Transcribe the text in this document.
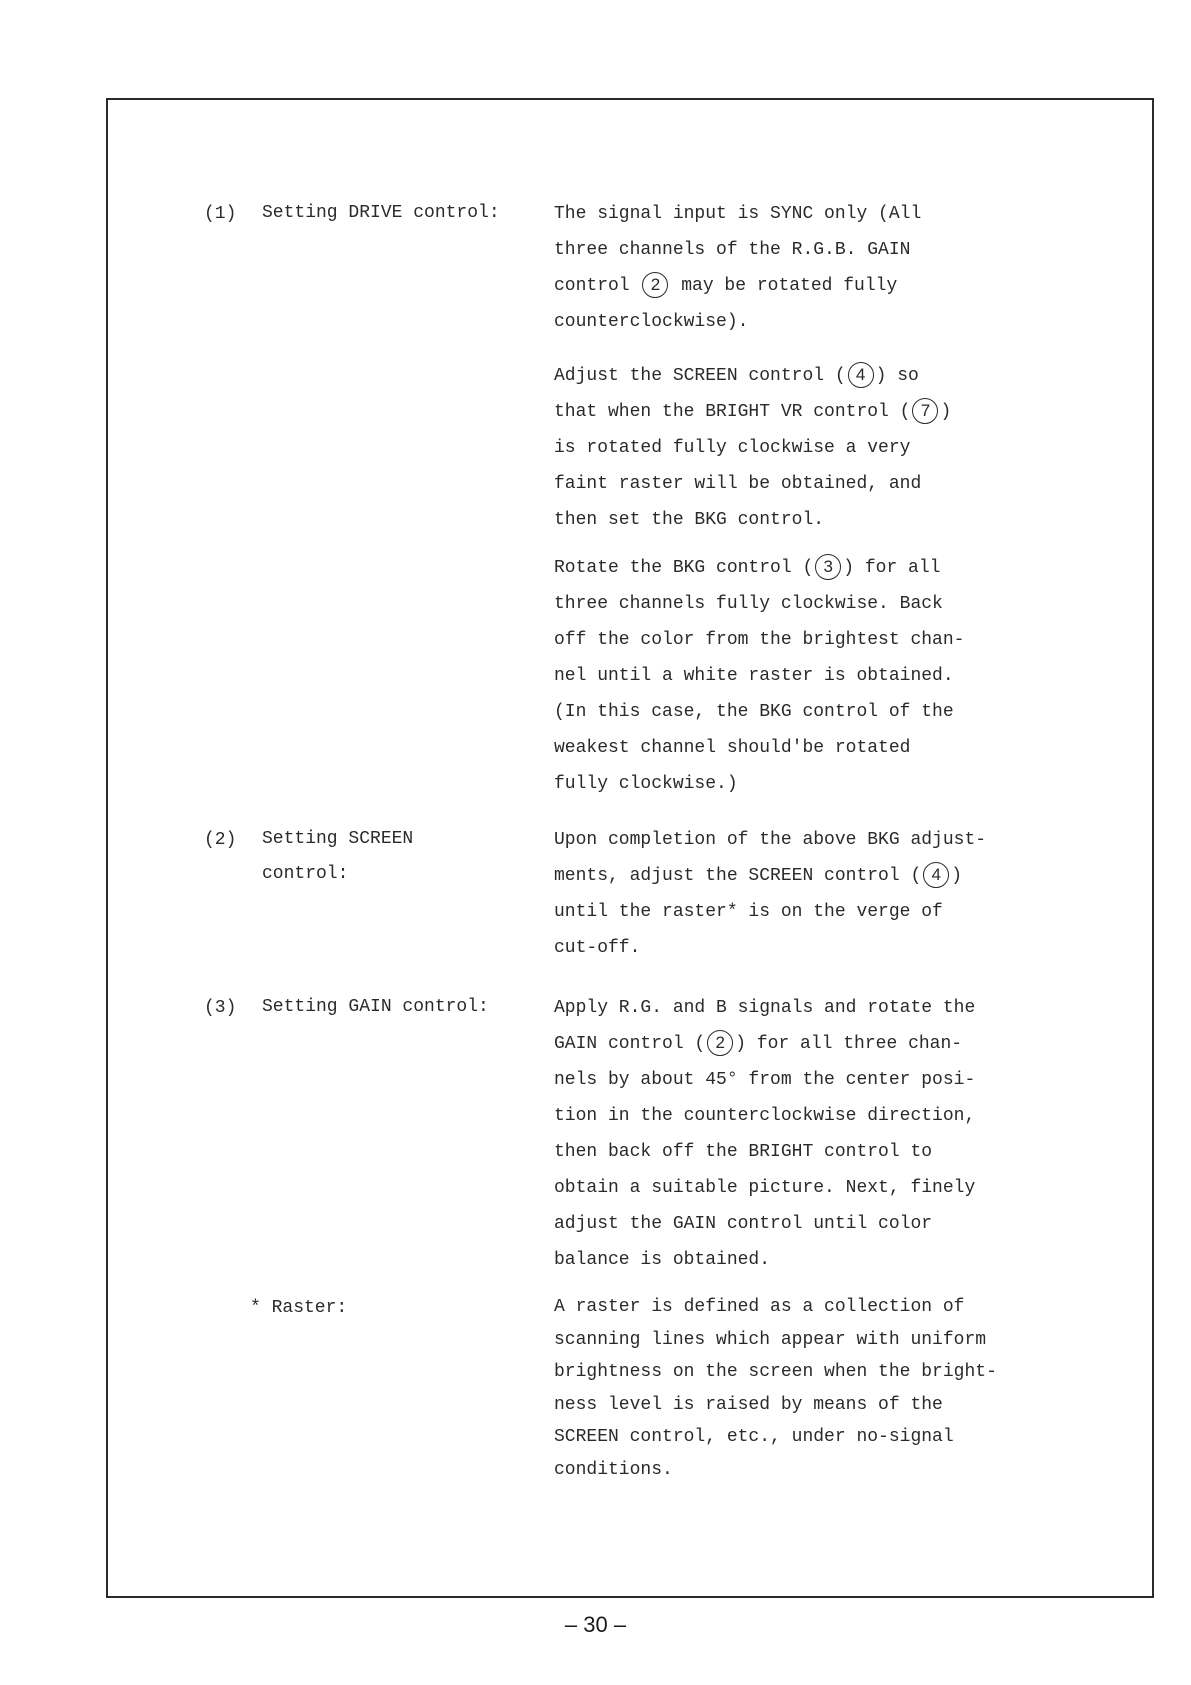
(1) Setting DRIVE control:	The signal input is SYNC only (All
three channels of the R.G.B. GAIN
control 2 may be rotated fully
counterclockwise).
Adjust the SCREEN control ( 4 ) so
that when the BRIGHT VR control ( 7 )
is rotated fully clockwise a very
faint raster will be obtained, and
then set the BKG control.
Rotate the BKG control ( 3 ) for all
three channels fully clockwise. Back
off the color from the brightest chan-
nel until a white raster is obtained.
(In this case, the BKG control of the
weakest channel should'be rotated
fully clockwise.)
(2) Setting SCREEN
control:
Upon completion of the above BKG adjust-
ments, adjust the SCREEN control ( 4 )
until the raster* is on the verge of
cut-off.
(3) Setting GAIN control:	Apply R.G. and B signals and rotate the
GAIN control ( 2 ) for all three chan-
nels by about 45° from the center posi-
tion in the counterclockwise direction,
then back off the BRIGHT control to
obtain a suitable picture. Next, finely
adjust the GAIN control until color
balance is obtained.
* Raster:	A raster is defined as a collection of
scanning lines which appear with uniform
brightness on the screen when the bright-
ness level is raised by means of the
SCREEN control, etc., under no-signal
conditions.
– 30 –
